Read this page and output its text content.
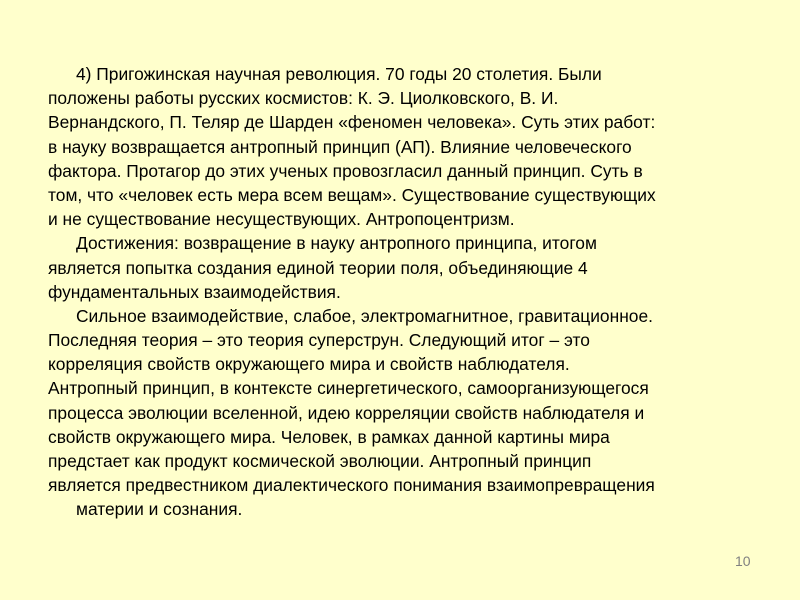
4) Пригожинская научная революция. 70 годы 20 столетия. Были
положены работы русских космистов: К. Э. Циолковского, В. И.
Вернандского, П. Теляр де Шарден «феномен человека». Суть этих работ:
в науку возвращается антропный принцип (АП). Влияние человеческого
фактора. Протагор до этих ученых провозгласил данный принцип. Суть в
том, что «человек есть мера всем вещам». Существование существующих
и не существование несуществующих. Антропоцентризм.
Достижения: возвращение в науку антропного принципа, итогом
является попытка создания единой теории поля, объединяющие 4
фундаментальных взаимодействия.
Сильное взаимодействие, слабое, электромагнитное, гравитационное.
Последняя теория – это теория суперструн. Следующий итог – это
корреляция свойств окружающего мира и свойств наблюдателя.
Антропный принцип, в контексте синергетического, самоорганизующегося
процесса эволюции вселенной, идею корреляции свойств наблюдателя и
свойств окружающего мира. Человек, в рамках данной картины мира
предстает как продукт космической эволюции. Антропный принцип
является предвестником диалектического понимания взаимопревращения
материи и сознания.
10
